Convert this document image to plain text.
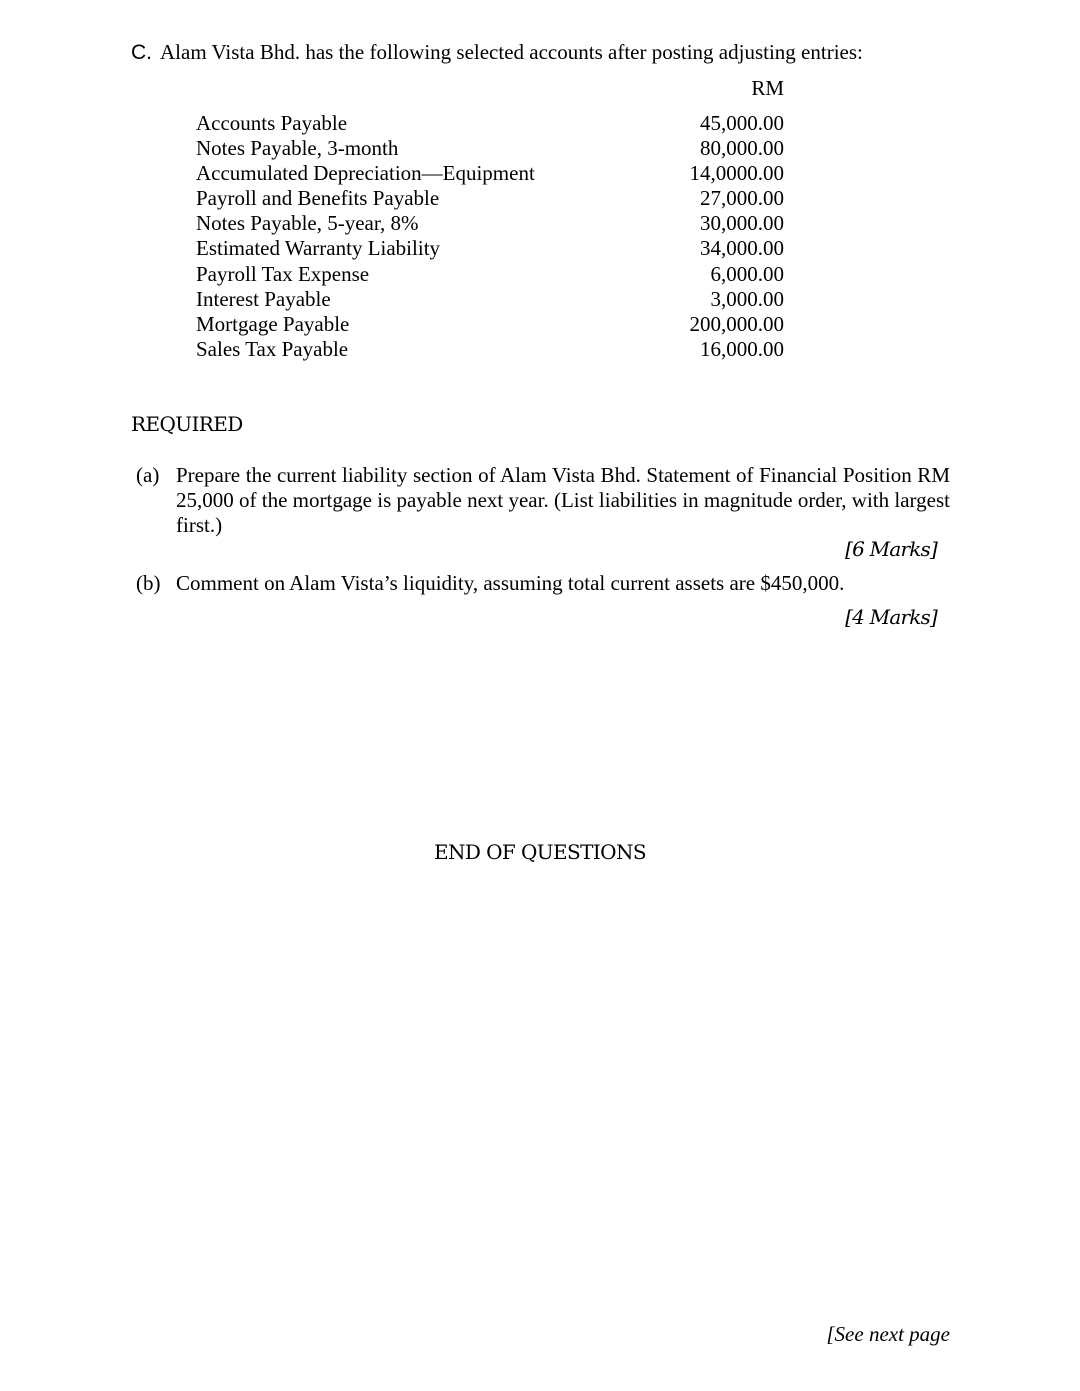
C. Alam Vista Bhd. has the following selected accounts after posting adjusting entries:
RM
Accounts Payable	45,000.00
Notes Payable, 3-month	80,000.00
Accumulated Depreciation—Equipment	14,0000.00
Payroll and Benefits Payable	27,000.00
Notes Payable, 5-year, 8%	30,000.00
Estimated Warranty Liability	34,000.00
Payroll Tax Expense	6,000.00
Interest Payable	3,000.00
Mortgage Payable	200,000.00
Sales Tax Payable	16,000.00
REQUIRED
(a) Prepare the current liability section of Alam Vista Bhd. Statement of Financial Position RM 25,000 of the mortgage is payable next year. (List liabilities in magnitude order, with largest first.)
[6 Marks]
(b) Comment on Alam Vista’s liquidity, assuming total current assets are $450,000.
[4 Marks]
END OF QUESTIONS
[See next page
